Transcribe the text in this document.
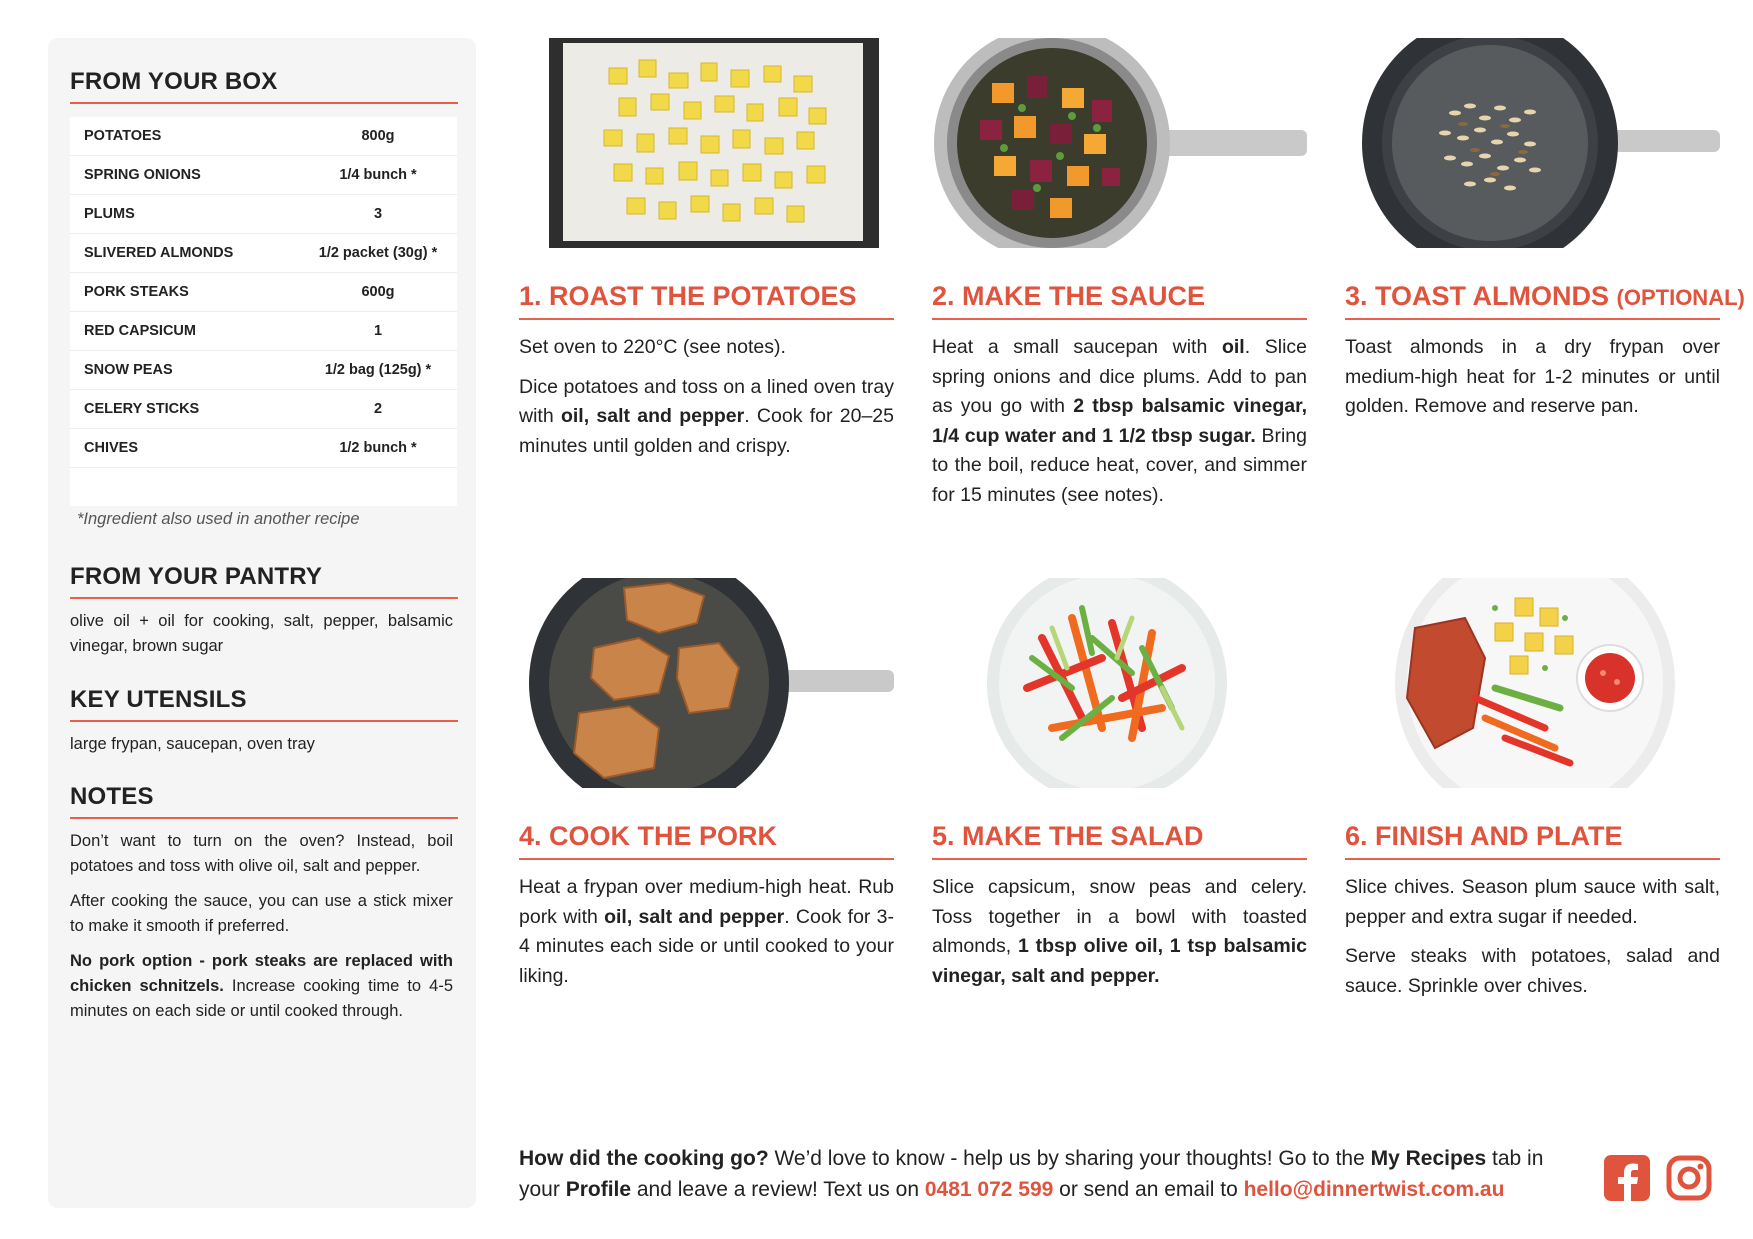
FROM YOUR BOX
POTATOES	800g
SPRING ONIONS	1/4 bunch *
PLUMS	3
SLIVERED ALMONDS	1/2 packet (30g) *
PORK STEAKS	600g
RED CAPSICUM	1
SNOW PEAS	1/2 bag (125g) *
CELERY STICKS	2
CHIVES	1/2 bunch *
*Ingredient also used in another recipe
FROM YOUR PANTRY
olive oil + oil for cooking, salt, pepper, balsamic vinegar, brown sugar
KEY UTENSILS
large frypan, saucepan, oven tray
NOTES

Don’t want to turn on the oven? Instead, boil potatoes and toss with olive oil, salt and pepper.

After cooking the sauce, you can use a stick mixer to make it smooth if preferred.

No pork option - pork steaks are replaced with chicken schnitzels. Increase cooking time to 4-5 minutes on each side or until cooked through.

1. ROAST THE POTATOES

Set oven to 220°C (see notes).

Dice potatoes and toss on a lined oven tray with oil, salt and pepper. Cook for 20–25 minutes until golden and crispy.

2. MAKE THE SAUCE

Heat a small saucepan with oil. Slice spring onions and dice plums. Add to pan as you go with 2 tbsp balsamic vinegar, 1/4 cup water and 1 1/2 tbsp sugar. Bring to the boil, reduce heat, cover, and simmer for 15 minutes (see notes).

3. TOAST ALMONDS (OPTIONAL)

Toast almonds in a dry frypan over medium-high heat for 1-2 minutes or until golden. Remove and reserve pan.

4. COOK THE PORK

Heat a frypan over medium-high heat. Rub pork with oil, salt and pepper. Cook for 3-4 minutes each side or until cooked to your liking.

5. MAKE THE SALAD

Slice capsicum, snow peas and celery. Toss together in a bowl with toasted almonds, 1 tbsp olive oil, 1 tsp balsamic vinegar, salt and pepper.

6. FINISH AND PLATE

Slice chives. Season plum sauce with salt, pepper and extra sugar if needed.

Serve steaks with potatoes, salad and sauce. Sprinkle over chives.

How did the cooking go? We’d love to know - help us by sharing your thoughts! Go to the My Recipes tab in your Profile and leave a review! Text us on 0481 072 599 or send an email to hello@dinnertwist.com.au
